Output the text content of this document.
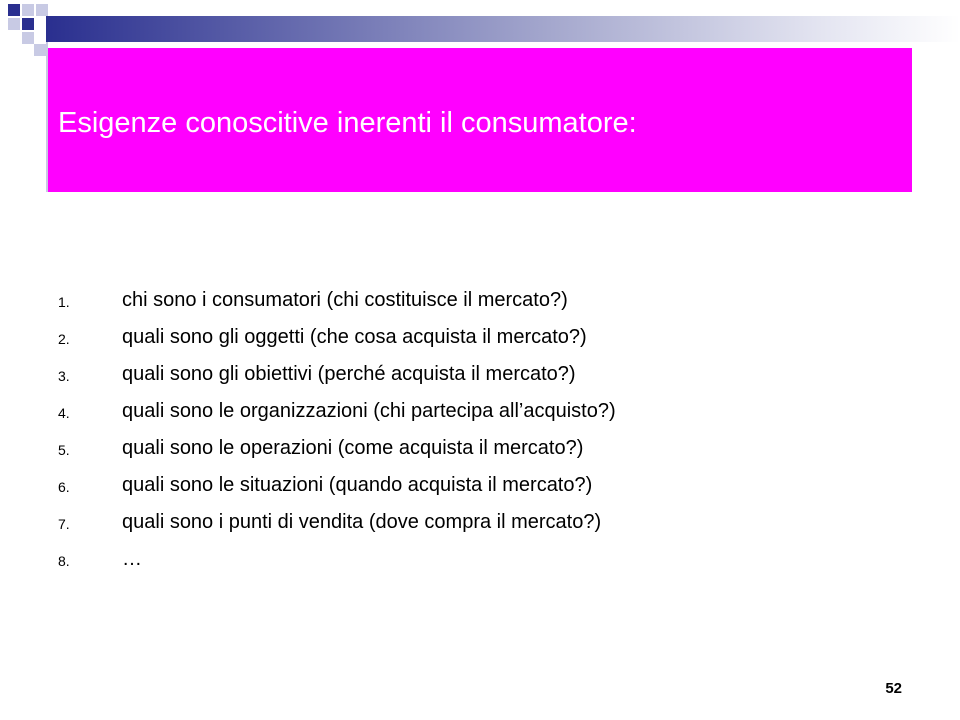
Esigenze conoscitive inerenti il consumatore:
1.	chi sono i consumatori (chi costituisce il mercato?)
2.	quali sono gli oggetti (che cosa acquista il mercato?)
3.	quali sono gli obiettivi (perché acquista il mercato?)
4.	quali sono le organizzazioni (chi partecipa all’acquisto?)
5.	quali sono le operazioni (come acquista il mercato?)
6.	quali sono le situazioni (quando acquista il mercato?)
7.	quali sono i punti di vendita (dove compra il mercato?)
8.	…
52
